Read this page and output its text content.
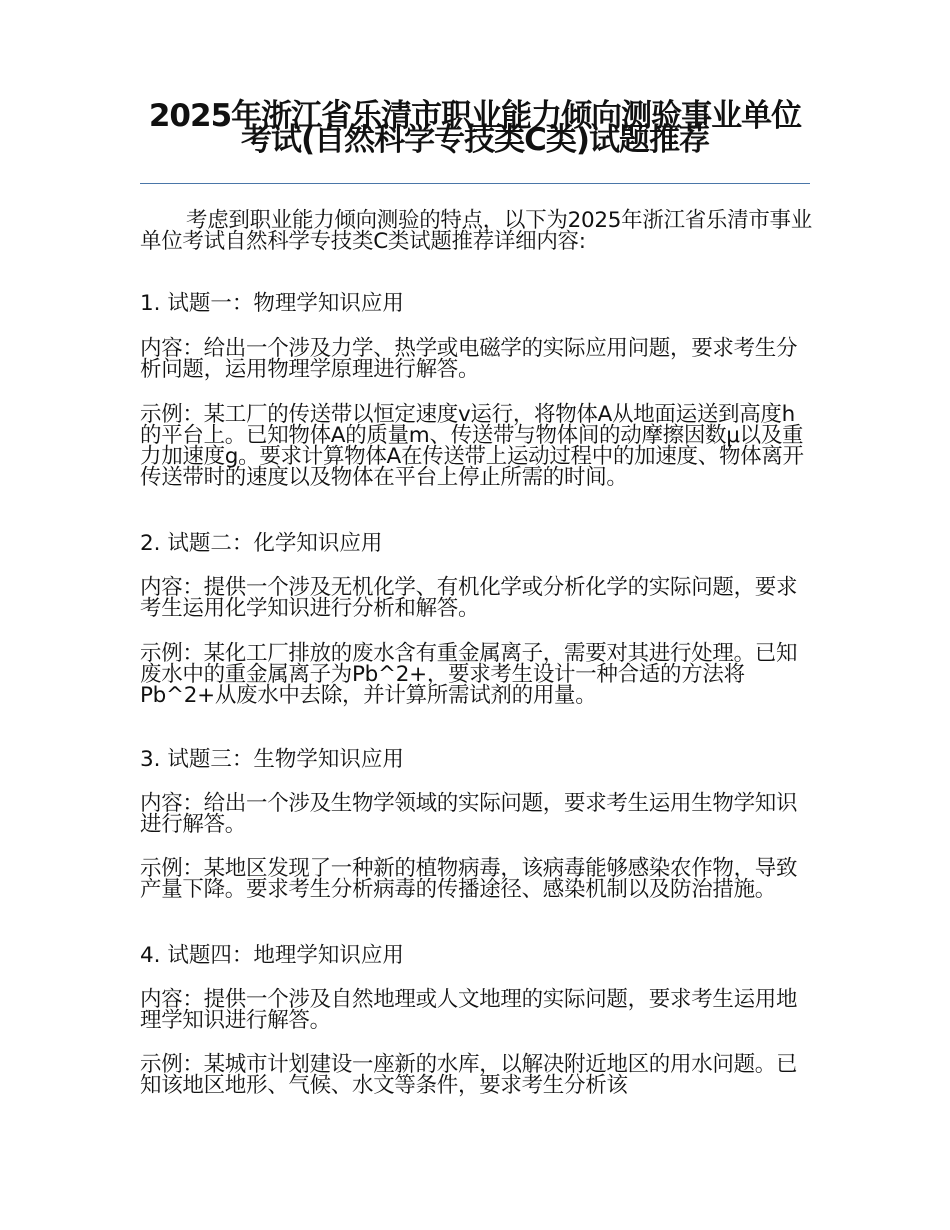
2025年浙江省乐清市职业能力倾向测验事业单位考试(自然科学专技类C类)试题推荐
考虑到职业能力倾向测验的特点，以下为2025年浙江省乐清市事业单位考试自然科学专技类C类试题推荐详细内容:
1. 试题一：物理学知识应用
内容：给出一个涉及力学、热学或电磁学的实际应用问题，要求考生分析问题，运用物理学原理进行解答。
示例：某工厂的传送带以恒定速度v运行，将物体A从地面运送到高度h的平台上。已知物体A的质量m、传送带与物体间的动摩擦因数μ以及重力加速度g。要求计算物体A在传送带上运动过程中的加速度、物体离开传送带时的速度以及物体在平台上停止所需的时间。
2. 试题二：化学知识应用
内容：提供一个涉及无机化学、有机化学或分析化学的实际问题，要求考生运用化学知识进行分析和解答。
示例：某化工厂排放的废水含有重金属离子，需要对其进行处理。已知废水中的重金属离子为Pb^2+，要求考生设计一种合适的方法将Pb^2+从废水中去除，并计算所需试剂的用量。
3. 试题三：生物学知识应用
内容：给出一个涉及生物学领域的实际问题，要求考生运用生物学知识进行解答。
示例：某地区发现了一种新的植物病毒，该病毒能够感染农作物，导致产量下降。要求考生分析病毒的传播途径、感染机制以及防治措施。
4. 试题四：地理学知识应用
内容：提供一个涉及自然地理或人文地理的实际问题，要求考生运用地理学知识进行解答。
示例：某城市计划建设一座新的水库，以解决附近地区的用水问题。已知该地区地形、气候、水文等条件，要求考生分析该
